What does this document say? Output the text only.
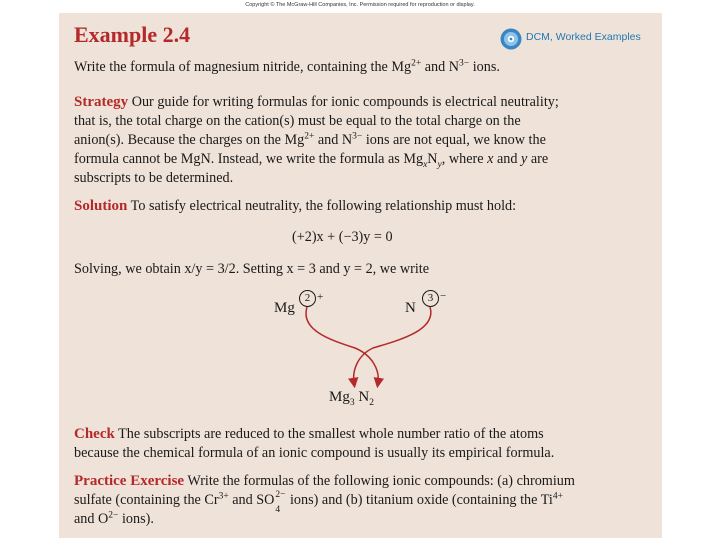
Copyright © The McGraw-Hill Companies, Inc. Permission required for reproduction or display.
Example 2.4	DCM, Worked Examples
Write the formula of magnesium nitride, containing the $Mg^{2+}$ and $N^{3-}$ ions.
Strategy Our guide for writing formulas for ionic compounds is electrical neutrality;
that is, the total charge on the cation(s) must be equal to the total charge on the
anion(s). Because the charges on the $Mg^{2+}$ and $N^{3-}$ ions are not equal, we know the
formula cannot be MgN. Instead, we write the formula as $Mg_xN_y$, where x and y are
subscripts to be determined.
Solution To satisfy electrical neutrality, the following relationship must hold:
(+2)x + (−3)y = 0
Solving, we obtain x/y = 3/2. Setting x = 3 and y = 2, we write
Mg
2 +
N
3 −
$Mg_3$ $N_2$
Check The subscripts are reduced to the smallest whole number ratio of the atoms
because the chemical formula of an ionic compound is usually its empirical formula.
Practice Exercise Write the formulas of the following ionic compounds: (a) chromium
sulfate (containing the $Cr^{3+}$ and SO 2− ions) and (b) titanium oxide (containing the $Ti^{4+}$
and $O^{2-}$ ions).
